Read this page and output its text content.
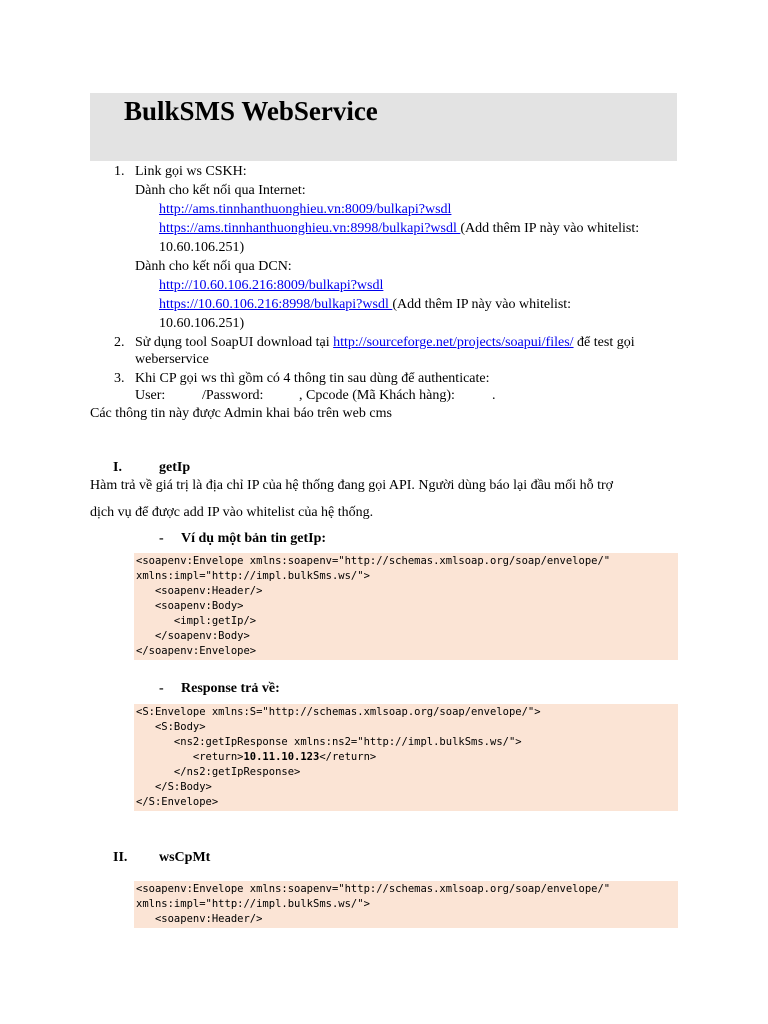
BulkSMS WebService
1. Link gọi ws CSKH:
Dành cho kết nối qua Internet:
http://ams.tinnhanthuonghieu.vn:8009/bulkapi?wsdl
https://ams.tinnhanthuonghieu.vn:8998/bulkapi?wsdl (Add thêm IP này vào whitelist:
10.60.106.251)
Dành cho kết nối qua DCN:
http://10.60.106.216:8009/bulkapi?wsdl
https://10.60.106.216:8998/bulkapi?wsdl (Add thêm IP này vào whitelist:
10.60.106.251)
2. Sử dụng tool SoapUI download tại http://sourceforge.net/projects/soapui/files/ để test gọi
weberservice
3. Khi CP gọi ws thì gồm có 4 thông tin sau dùng để authenticate:
User:	/Password:	, Cpcode (Mã Khách hàng):	.
Các thông tin này được Admin khai báo trên web cms
I.	getIp
Hàm trả về giá trị là địa chỉ IP của hệ thống đang gọi API. Người dùng báo lại đầu mối hỗ trợ
dịch vụ để được add IP vào whitelist của hệ thống.
- Ví dụ một bản tin getIp:
<soapenv:Envelope xmlns:soapenv="http://schemas.xmlsoap.org/soap/envelope/"
xmlns:impl="http://impl.bulkSms.ws/">
<soapenv:Header/>
<soapenv:Body>
<impl:getIp/>
</soapenv:Body>
</soapenv:Envelope>
- Response trả về:
<S:Envelope xmlns:S="http://schemas.xmlsoap.org/soap/envelope/">
<S:Body>
<ns2:getIpResponse xmlns:ns2="http://impl.bulkSms.ws/">
<return>10.11.10.123</return>
</ns2:getIpResponse>
</S:Body>
</S:Envelope>
II. wsCpMt
<soapenv:Envelope xmlns:soapenv="http://schemas.xmlsoap.org/soap/envelope/"
xmlns:impl="http://impl.bulkSms.ws/">
<soapenv:Header/>
